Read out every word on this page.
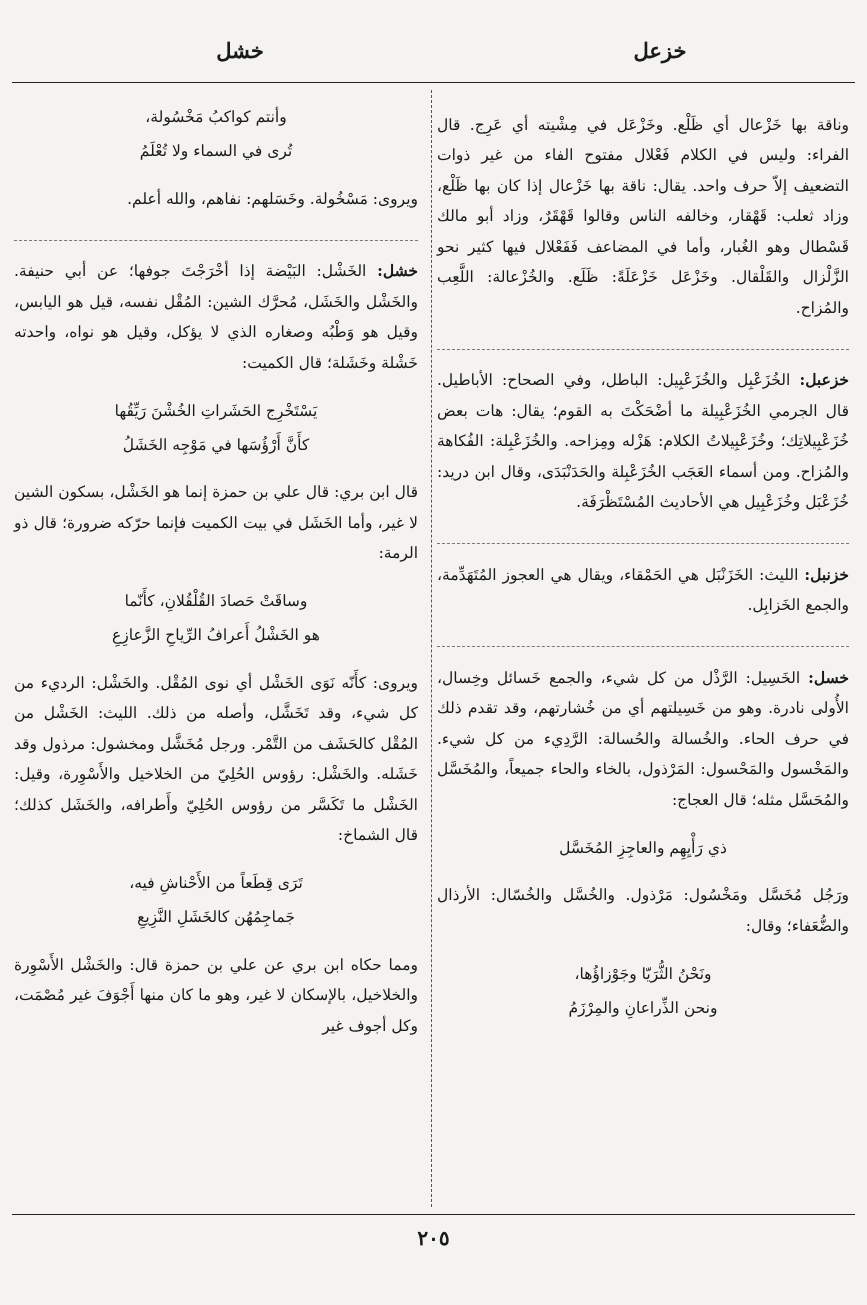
خزعل
خشل

وناقة بها خَزْعال أي ظَلْع. وخَزْعَل في مِشْيته أي عَرِج. قال الفراء: وليس في الكلام فَعْلال مفتوح الفاء من غير ذوات التضعيف إلاّ حرف واحد. يقال: ناقة بها خَزْعال إذا كان بها ظَلْع، وزاد ثعلب: قَهْقار، وخالفه الناس وقالوا قَهْقَرٌ، وزاد أبو مالك قَسْطال وهو الغُبار، وأما في المضاعف فَفَعْلال فيها كثير نحو الزَّلْزال والقَلْقال. وخَزْعَل خَزْعَلَةً: ظَلَع. والخُزْعالة: اللَّعِب والمُزاح.

خزعبل: الخُزَعْبِل والخُزَعْبِيل: الباطل، وفي الصحاح: الأباطيل. قال الجرمي الخُزَعْبِيلة ما أضْحَكْتَ به القوم؛ يقال: هات بعض خُزَعْبِيلاتِك؛ وخُزَعْبِيلاتُ الكلام: هَزْله ومِزاحه. والخُزَعْبِلة: الفُكاهة والمُزاح. ومن أسماء العَجَب الخُزَعْبِلة والحَدَنْبَدَى، وقال ابن دريد: خُزَعْبَل وخُزَعْبِيل هي الأحاديث المُسْتَظْرَفَة.

خزنبل: الليث: الخَزَنْبَل هي الحَمْقاء، ويقال هي العجوز المُتَهَدِّمة، والجمع الخَزابِل.

خسل: الخَسِيل: الرَّذْل من كل شيء، والجمع خَسائل وخِسال، الأُولى نادرة. وهو من خَسِيلتهم أي من خُشارتهم، وقد تقدم ذلك في حرف الحاء. والخُسالة والحُسالة: الرَّدِيء من كل شيء. والمَخْسول والمَحْسول: المَرْذول، بالخاء والحاء جميعاً، والمُخَسَّل والمُحَسَّل مثله؛ قال العجاج:

ذي رَأْيِهِم والعاجِزِ المُخَسَّل

ورَجُل مُخَسَّل ومَخْسُول: مَرْذول. والخُسَّل والخُسّال: الأرذال والضُّعَفاء؛ وقال:

ونَحْنُ الثُّرَيّا وجَوْزاؤُها،
ونحن الذِّراعانِ والمِرْزَمُ
وأنتم كواكبُ مَخْسُولة،
تُرى في السماء ولا تُعْلَمُ

ويروى: مَسْخُولة. وخَسَلهم: نفاهم، والله أعلم.

خشل: الخَشْل: البَيْضة إذا أخْرَجْتَ جوفها؛ عن أبي حنيفة. والخَشْل والخَشَل، مُحرَّك الشين: المُقْل نفسه، قيل هو اليابس، وقيل هو وَطْبُه وصغاره الذي لا يؤكل، وقيل هو نواه، واحدته خَشْلة وخَشَلة؛ قال الكميت:

يَسْتَخْرِج الحَشَراتِ الخُشْنَ رَيِّقُها
كأَنَّ أَرْؤُسَها في مَوْجِه الخَشَلُ

قال ابن بري: قال علي بن حمزة إنما هو الخَشْل، بسكون الشين لا غير، وأما الخَشَل في بيت الكميت فإنما حرّكه ضرورة؛ قال ذو الرمة:

وساقَتْ حَصادَ القُلْقُلانِ، كأَنّما
هو الخَشْلُ أَعرافُ الرِّياحِ الزَّعازِعِ

ويروى: كأَنّه نَوَى الخَشْل أي نوى المُقْل. والخَشْل: الرديء من كل شيء، وقد تَخَشَّل، وأصله من ذلك. الليث: الخَشْل من المُقْل كالحَشَف من التَّمْر. ورجل مُخَشَّل ومخشول: مرذول وقد خَشَله. والخَشْل: رؤوس الحُلِيّ من الخلاخيل والأَسْوِرة، وقيل: الخَشْل ما تَكَسَّر من رؤوس الحُلِيّ وأَطرافه، والخَشَل كذلك؛ قال الشماخ:

تَرَى قِطَعاً من الأَحْناشِ فيه،
جَماجِمُهُن كالخَشَلِ النَّزِيعِ

ومما حكاه ابن بري عن علي بن حمزة قال: والخَشْل الأَسْوِرة والخلاخيل، بالإسكان لا غير، وهو ما كان منها أَجْوَفَ غير مُصْمَت، وكل أجوف غير

٢٠٥
